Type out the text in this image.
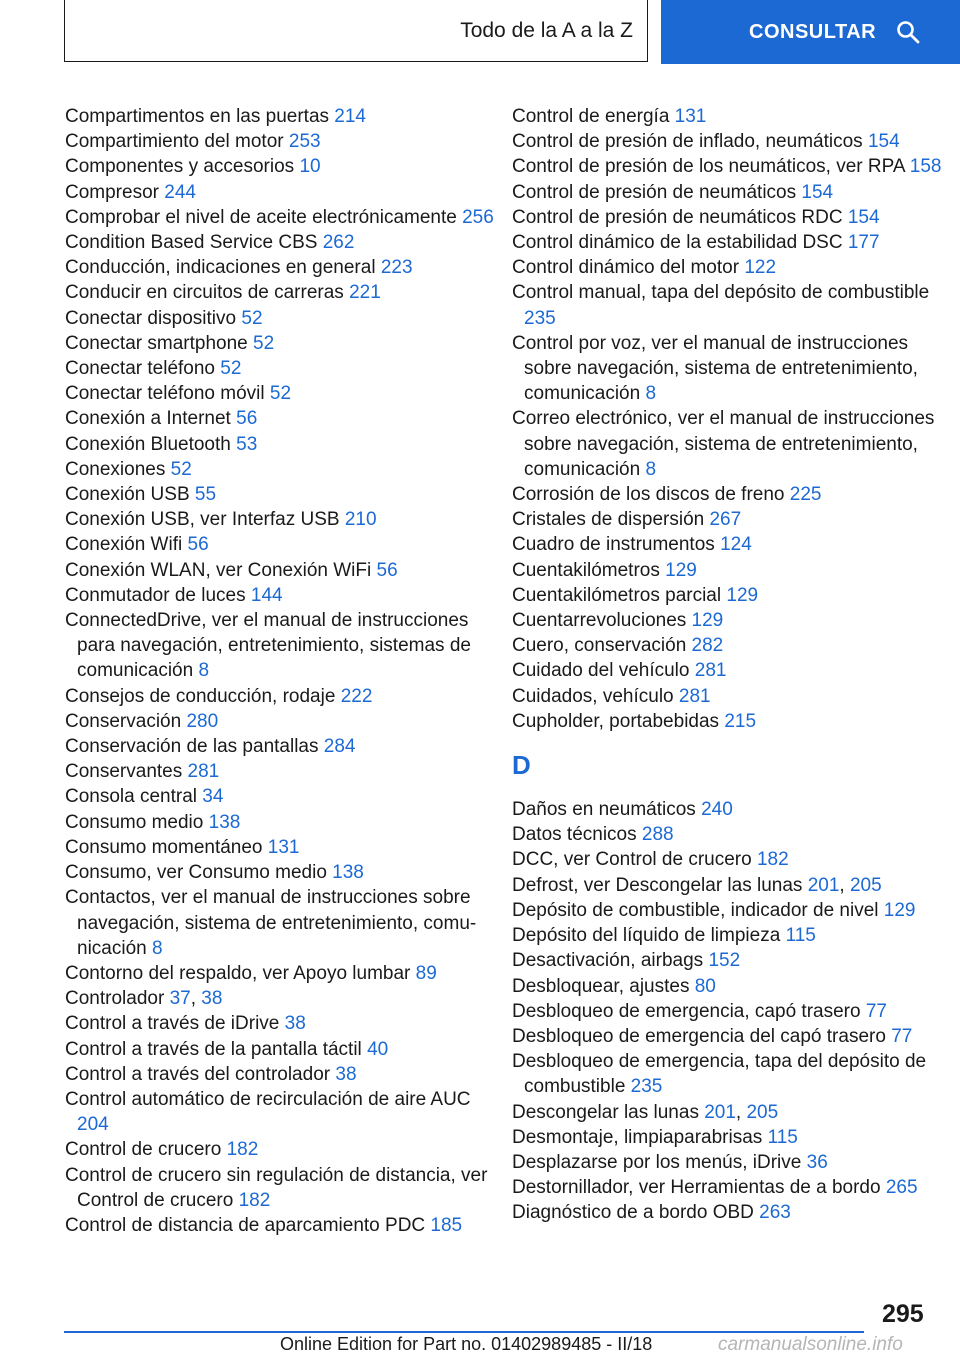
Todo de la A a la Z	CONSULTAR
Compartimentos en las puertas 214
Compartimiento del motor 253
Componentes y accesorios 10
Compresor 244
Comprobar el nivel de aceite electrónicamente 256
Condition Based Service CBS 262
Conducción, indicaciones en general 223
Conducir en circuitos de carreras 221
Conectar dispositivo 52
Conectar smartphone 52
Conectar teléfono 52
Conectar teléfono móvil 52
Conexión a Internet 56
Conexión Bluetooth 53
Conexiones 52
Conexión USB 55
Conexión USB, ver Interfaz USB 210
Conexión Wifi 56
Conexión WLAN, ver Conexión WiFi 56
Conmutador de luces 144
ConnectedDrive, ver el manual de instrucciones para navegación, entretenimiento, sistemas de comunicación 8
Consejos de conducción, rodaje 222
Conservación 280
Conservación de las pantallas 284
Conservantes 281
Consola central 34
Consumo medio 138
Consumo momentáneo 131
Consumo, ver Consumo medio 138
Contactos, ver el manual de instrucciones sobre navegación, sistema de entretenimiento, comunicación 8
Contorno del respaldo, ver Apoyo lumbar 89
Controlador 37, 38
Control a través de iDrive 38
Control a través de la pantalla táctil 40
Control a través del controlador 38
Control automático de recirculación de aire AUC 204
Control de crucero 182
Control de crucero sin regulación de distancia, ver Control de crucero 182
Control de distancia de aparcamiento PDC 185
Control de energía 131
Control de presión de inflado, neumáticos 154
Control de presión de los neumáticos, ver RPA 158
Control de presión de neumáticos 154
Control de presión de neumáticos RDC 154
Control dinámico de la estabilidad DSC 177
Control dinámico del motor 122
Control manual, tapa del depósito de combustible 235
Control por voz, ver el manual de instrucciones sobre navegación, sistema de entretenimiento, comunicación 8
Correo electrónico, ver el manual de instrucciones sobre navegación, sistema de entretenimiento, comunicación 8
Corrosión de los discos de freno 225
Cristales de dispersión 267
Cuadro de instrumentos 124
Cuentakilómetros 129
Cuentakilómetros parcial 129
Cuentarrevoluciones 129
Cuero, conservación 282
Cuidado del vehículo 281
Cuidados, vehículo 281
Cupholder, portabebidas 215
D
Daños en neumáticos 240
Datos técnicos 288
DCC, ver Control de crucero 182
Defrost, ver Descongelar las lunas 201, 205
Depósito de combustible, indicador de nivel 129
Depósito del líquido de limpieza 115
Desactivación, airbags 152
Desbloquear, ajustes 80
Desbloqueo de emergencia, capó trasero 77
Desbloqueo de emergencia del capó trasero 77
Desbloqueo de emergencia, tapa del depósito de combustible 235
Descongelar las lunas 201, 205
Desmontaje, limpiaparabrisas 115
Desplazarse por los menús, iDrive 36
Destornillador, ver Herramientas de a bordo 265
Diagnóstico de a bordo OBD 263
295
Online Edition for Part no. 01402989485 - II/18	carmanualsonline.info
